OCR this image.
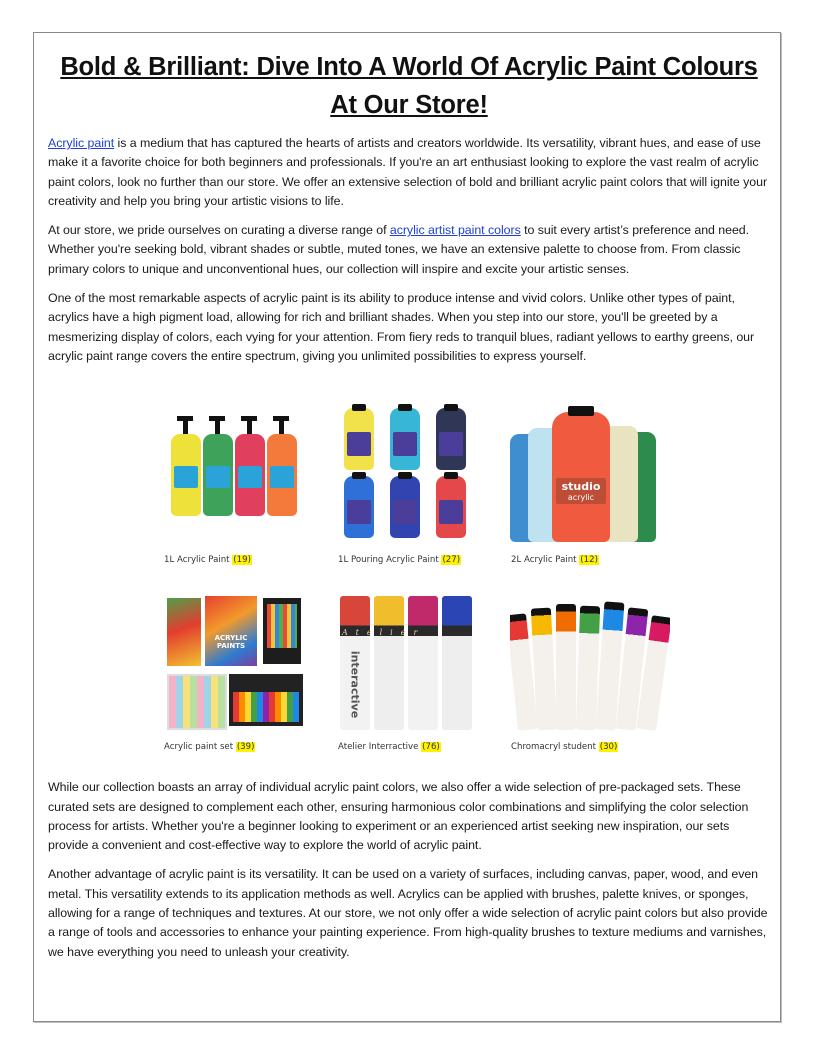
Bold & Brilliant: Dive Into A World Of Acrylic Paint Colours At Our Store!

Acrylic paint is a medium that has captured the hearts of artists and creators worldwide. Its versatility, vibrant hues, and ease of use make it a favorite choice for both beginners and professionals. If you're an art enthusiast looking to explore the vast realm of acrylic paint colors, look no further than our store. We offer an extensive selection of bold and brilliant acrylic paint colors that will ignite your creativity and help you bring your artistic visions to life.

At our store, we pride ourselves on curating a diverse range of acrylic artist paint colors to suit every artist’s preference and need. Whether you're seeking bold, vibrant shades or subtle, muted tones, we have an extensive palette to choose from. From classic primary colors to unique and unconventional hues, our collection will inspire and excite your artistic senses.

One of the most remarkable aspects of acrylic paint is its ability to produce intense and vivid colors. Unlike other types of paint, acrylics have a high pigment load, allowing for rich and brilliant shades. When you step into our store, you'll be greeted by a mesmerizing display of colors, each vying for your attention. From fiery reds to tranquil blues, radiant yellows to earthy greens, our acrylic paint range covers the entire spectrum, giving you unlimited possibilities to express yourself.

1L Acrylic Paint (19)	1L Pouring Acrylic Paint (27)
studio
acrylic
2L Acrylic Paint (12)
ACRYLIC PAINTS
Acrylic paint set (39)
Atelier
interactive
Atelier Interractive (76)	Chromacryl student (30)

While our collection boasts an array of individual acrylic paint colors, we also offer a wide selection of pre-packaged sets. These curated sets are designed to complement each other, ensuring harmonious color combinations and simplifying the color selection process for artists. Whether you're a beginner looking to experiment or an experienced artist seeking new inspiration, our sets provide a convenient and cost-effective way to explore the world of acrylic paint.

Another advantage of acrylic paint is its versatility. It can be used on a variety of surfaces, including canvas, paper, wood, and even metal. This versatility extends to its application methods as well. Acrylics can be applied with brushes, palette knives, or sponges, allowing for a range of techniques and textures. At our store, we not only offer a wide selection of acrylic paint colors but also provide a range of tools and accessories to enhance your painting experience. From high-quality brushes to texture mediums and varnishes, we have everything you need to unleash your creativity.
